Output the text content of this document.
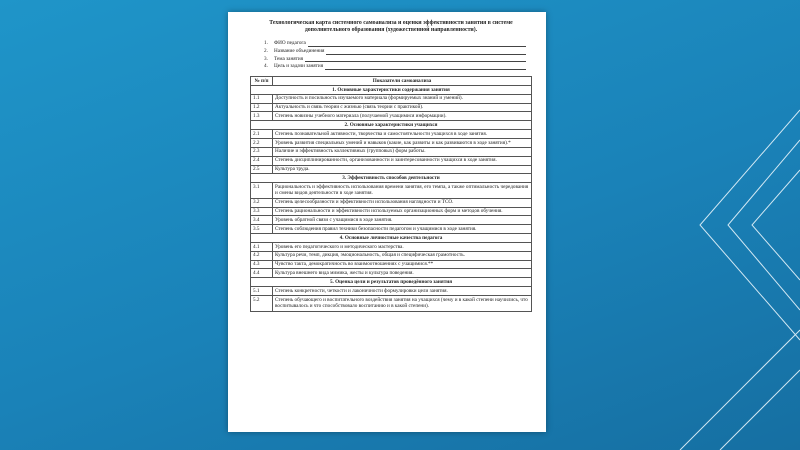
Технологическая карта системного самоанализа и оценки эффективности занятия в системе дополнительного образования (художественной направленности).
1.	ФИО педагога
2.	Название объединения
3.	Тема занятия
4.	Цель и задачи занятия
№ п/п	Показатели самоанализа
1. Основные характеристики содержания занятия	
1.1	Доступность и посильность изучаемого материала (формируемых знаний и умений).
1.2	Актуальность и связь теории с жизнью (связь теории с практикой).
1.3	Степень новизны учебного материала (получаемой учащимися информации).
2. Основные характеристики учащихся	
2.1	Степень познавательной активности, творчества и самостоятельности учащихся в ходе занятия.
2.2	Уровень развития специальных умений и навыков (какие, как развиты и как развиваются в ходе занятия).*
2.3	Наличие и эффективность коллективных (групповых) форм работы.
2.4	Степень дисциплинированности, организованности и заинтересованности учащихся в ходе занятия.
2.5	Культура труда.
3. Эффективность способов деятельности	
3.1	Рациональность и эффективность использования времени занятия, его темпа, а также оптимальность чередования и смены видов деятельности в ходе занятия.
3.2	Степень целесообразности и эффективности использования наглядности и ТСО.
3.3	Степень рациональности и эффективности используемых организационных форм и методов обучения.
3.4	Уровень обратной связи с учащимися в ходе занятия.
3.5	Степень соблюдения правил техники безопасности педагогом и учащимися в ходе занятия.
4. Основные личностные качества педагога	
4.1	Уровень его педагогического и методического мастерства.
4.2	Культура речи, темп, дикция, эмоциональность, общая и специфическая грамотность.
4.3	Чувство такта, демократичность во взаимоотношениях с учащимися.**
4.4	Культура внешнего вида мимика, жесты и культура поведения.
5. Оценка цели и результатов проведённого занятия	
5.1	Степень конкретности, четкости и лаконичности формулировки цели занятия.
5.2	Степень обучающего и воспитательного воздействия занятия на учащихся (чему и в какой степени научились, что воспитывалось и что способствовало воспитанию и в какой степени).
